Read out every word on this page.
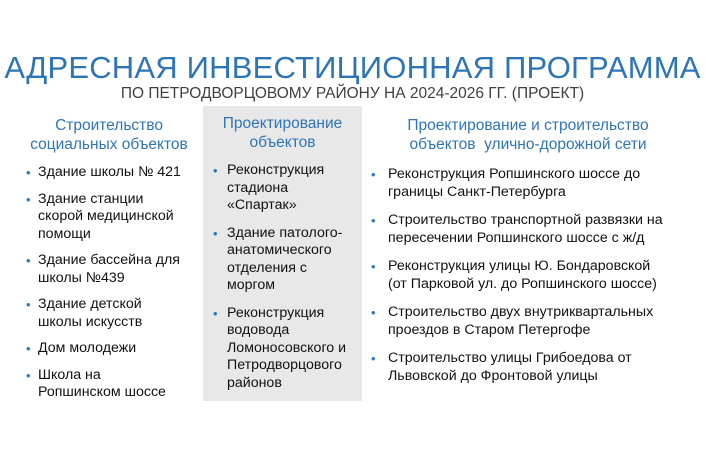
АДРЕСНАЯ ИНВЕСТИЦИОННАЯ ПРОГРАММА
ПО ПЕТРОДВОРЦОВОМУ РАЙОНУ НА 2024-2026 ГГ. (ПРОЕКТ)
Строительство
социальных объектов
• Здание школы № 421
• Здание станции
скорой медицинской
помощи
• Здание бассейна для
школы №439
• Здание детской
школы искусств
• Дом молодежи
• Школа на
Ропшинском шоссе
Проектирование
объектов
• Реконструкция
стадиона
«Спартак»
• Здание патолого-
анатомического
отделения с
моргом
• Реконструкция
водовода
Ломоносовского и
Петродворцового
районов
Проектирование и строительство
объектов  улично-дорожной сети
• Реконструкция Ропшинского шоссе до
границы Санкт-Петербурга
• Строительство транспортной развязки на
пересечении Ропшинского шоссе с ж/д
• Реконструкция улицы Ю. Бондаровской
(от Парковой ул. до Ропшинского шоссе)
• Строительство двух внутриквартальных
проездов в Старом Петергофе
• Строительство улицы Грибоедова от
Львовской до Фронтовой улицы
